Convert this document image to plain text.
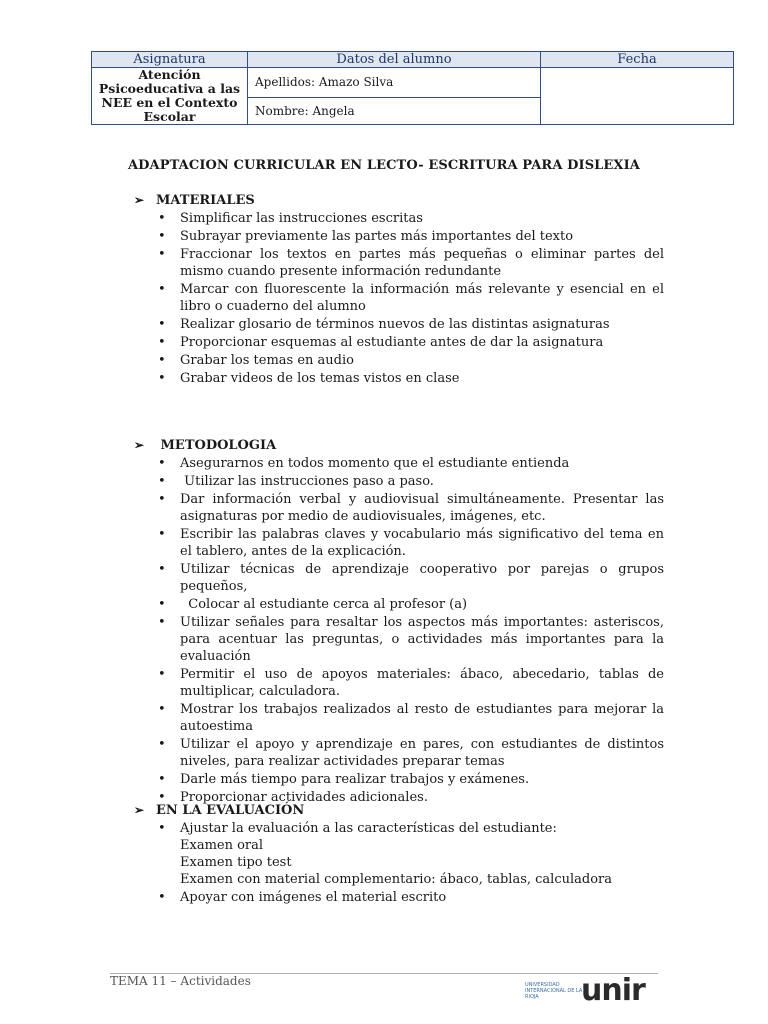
Asignatura	Datos del alumno	Fecha
Atención Psicoeducativa a las NEE en el Contexto Escolar	Apellidos: Amazo Silva	
	Nombre: Angela	
ADAPTACION CURRICULAR EN LECTO- ESCRITURA PARA DISLEXIA
➢ MATERIALES
• Simplificar las instrucciones escritas
• Subrayar previamente las partes más importantes del texto
• Fraccionar los textos en partes más pequeñas o eliminar partes del mismo cuando presente información redundante
• Marcar con fluorescente la información más relevante y esencial en el libro o cuaderno del alumno
• Realizar glosario de términos nuevos de las distintas asignaturas
• Proporcionar esquemas al estudiante antes de dar la asignatura
• Grabar los temas en audio
• Grabar videos de los temas vistos en clase
➢ METODOLOGIA
• Asegurarnos en todos momento que el estudiante entienda
•  Utilizar las instrucciones paso a paso.
• Dar información verbal y audiovisual simultáneamente. Presentar las asignaturas por medio de audiovisuales, imágenes, etc.
• Escribir las palabras claves y vocabulario más significativo del tema en el tablero, antes de la explicación.
• Utilizar técnicas de aprendizaje cooperativo por parejas o grupos pequeños,
•   Colocar al estudiante cerca al profesor (a)
• Utilizar señales para resaltar los aspectos más importantes: asteriscos, para acentuar las preguntas, o actividades más importantes para la evaluación
• Permitir el uso de apoyos materiales: ábaco, abecedario, tablas de multiplicar, calculadora.
• Mostrar los trabajos realizados al resto de estudiantes para mejorar la autoestima
• Utilizar el apoyo y aprendizaje en pares, con estudiantes de distintos niveles, para realizar actividades preparar temas
• Darle más tiempo para realizar trabajos y exámenes.
• Proporcionar actividades adicionales.
➢ EN LA EVALUACIÓN
• Ajustar la evaluación a las características del estudiante:
Examen oral
Examen tipo test
Examen con material complementario: ábaco, tablas, calculadora
• Apoyar con imágenes el material escrito
TEMA 11 – Actividades	UNIVERSIDAD INTERNACIONAL DE LA RIOJA	unir
